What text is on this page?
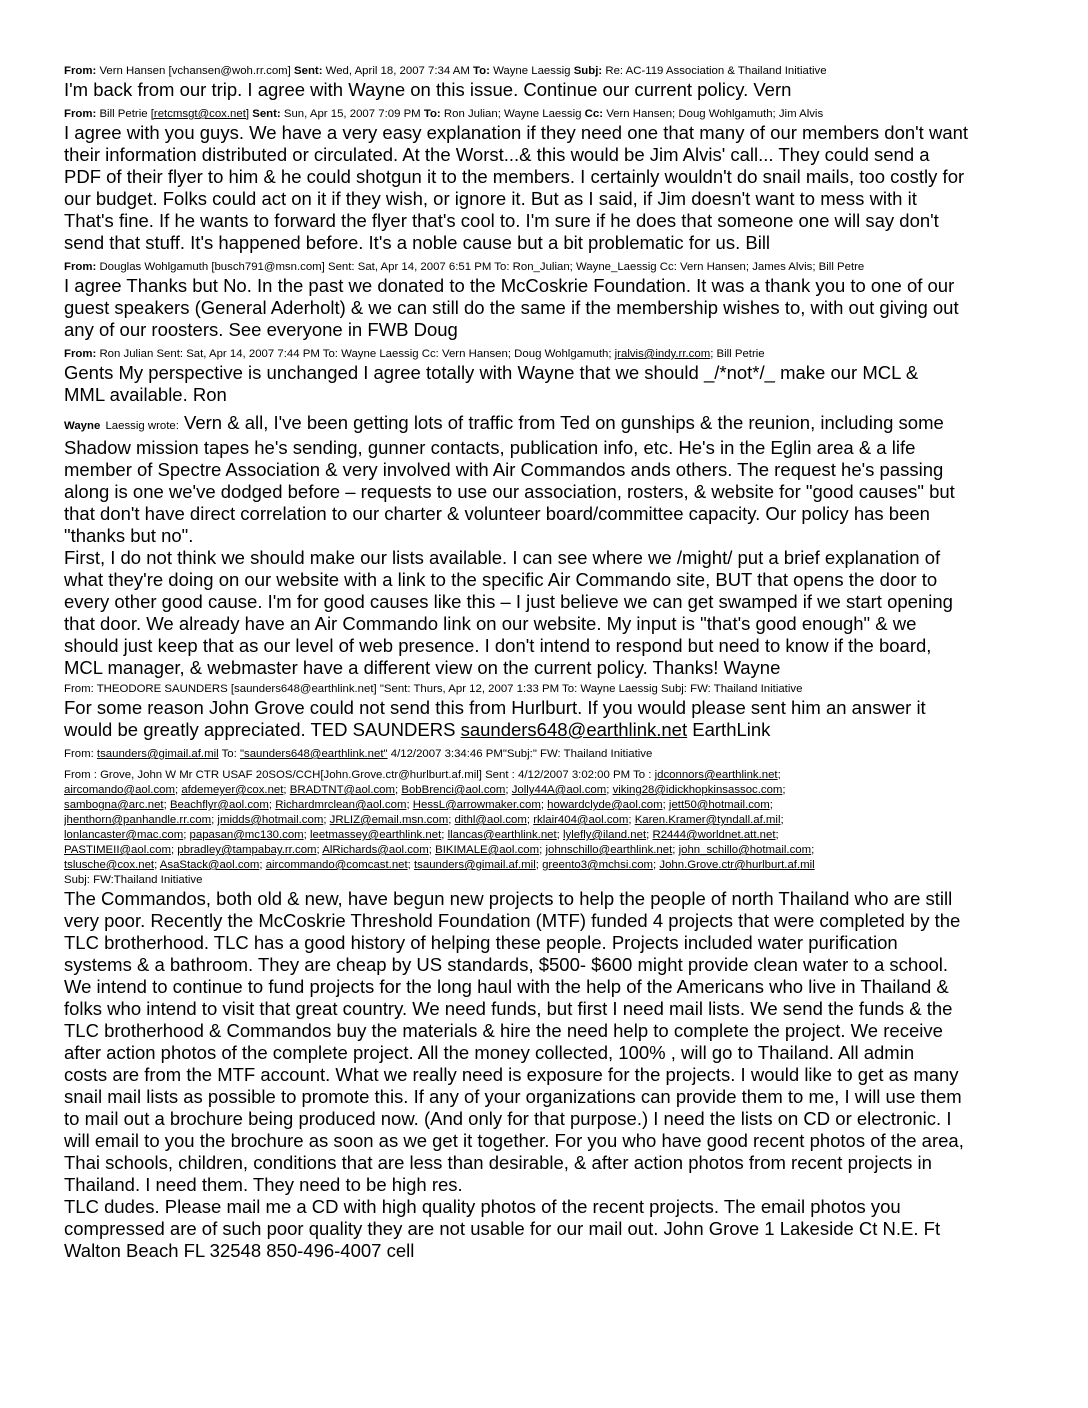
From: Vern Hansen [vchansen@woh.rr.com] Sent: Wed, April 18, 2007 7:34 AM To: Wayne Laessig Subj: Re: AC-119 Association & Thailand Initiative

I'm back from our trip. I agree with Wayne on this issue. Continue our current policy. Vern

From: Bill Petrie [retcmsgt@cox.net] Sent: Sun, Apr 15, 2007 7:09 PM To: Ron Julian; Wayne Laessig Cc: Vern Hansen; Doug Wohlgamuth; Jim Alvis

I agree with you guys. We have a very easy explanation if they need one that many of our members don't want

their information distributed or circulated. At the Worst...& this would be Jim Alvis' call... They could send a

PDF of their flyer to him & he could shotgun it to the members. I certainly wouldn't do snail mails, too costly for

our budget. Folks could act on it if they wish, or ignore it. But as I said, if Jim doesn't want to mess with it

That's fine. If he wants to forward the flyer that's cool to. I'm sure if he does that someone one will say don't

send that stuff. It's happened before. It's a noble cause but a bit problematic for us. Bill

From: Douglas Wohlgamuth [busch791@msn.com] Sent: Sat, Apr 14, 2007 6:51 PM To: Ron_Julian; Wayne_Laessig Cc: Vern Hansen; James Alvis; Bill Petre

I agree Thanks but No. In the past we donated to the McCoskrie Foundation. It was a thank you to one of our

guest speakers (General Aderholt) & we can still do the same if the membership wishes to, with out giving out

any of our roosters. See everyone in FWB Doug

From: Ron Julian Sent: Sat, Apr 14, 2007 7:44 PM To: Wayne Laessig Cc: Vern Hansen; Doug Wohlgamuth; jralvis@indy.rr.com; Bill Petrie

Gents My perspective is unchanged I agree totally with Wayne that we should _/*not*/_ make our MCL &

MML available. Ron

Wayne Laessig wrote: Vern & all, I've been getting lots of traffic from Ted on gunships & the reunion, including some

Shadow mission tapes he's sending, gunner contacts, publication info, etc. He's in the Eglin area & a life

member of Spectre Association & very involved with Air Commandos ands others. The request he's passing

along is one we've dodged before – requests to use our association, rosters, & website for "good causes" but

that don't have direct correlation to our charter & volunteer board/committee capacity. Our policy has been

"thanks but no".

First, I do not think we should make our lists available. I can see where we /might/ put a brief explanation of

what they're doing on our website with a link to the specific Air Commando site, BUT that opens the door to

every other good cause. I'm for good causes like this – I just believe we can get swamped if we start opening

that door. We already have an Air Commando link on our website. My input is "that's good enough" & we

should just keep that as our level of web presence. I don't intend to respond but need to know if the board,

MCL manager, & webmaster have a different view on the current policy. Thanks! Wayne

From: THEODORE SAUNDERS [saunders648@earthlink.net] "Sent: Thurs, Apr 12, 2007 1:33 PM To: Wayne Laessig Subj: FW: Thailand Initiative

For some reason John Grove could not send this from Hurlburt. If you would please sent him an answer it

would be greatly appreciated. TED SAUNDERS saunders648@earthlink.net EarthLink

From: tsaunders@gimail.af.mil To: "saunders648@earthlink.net" 4/12/2007 3:34:46 PM"Subj:" FW: Thailand Initiative
From : Grove, John W Mr CTR USAF 20SOS/CCH[John.Grove.ctr@hurlburt.af.mil] Sent : 4/12/2007 3:02:00 PM To : jdconnors@earthlink.net;
aircomando@aol.com; afdemeyer@cox.net; BRADTNT@aol.com; BobBrenci@aol.com; Jolly44A@aol.com; viking28@idickhopkinsassoc.com;
sambogna@arc.net; Beachflyr@aol.com; Richardmrclean@aol.com; HessL@arrowmaker.com; howardclyde@aol.com; jett50@hotmail.com;
jhenthorn@panhandle.rr.com; jmidds@hotmail.com; JRLIZ@email.msn.com; dithl@aol.com; rklair404@aol.com; Karen.Kramer@tyndall.af.mil;
lonlancaster@mac.com; papasan@mc130.com; leetmassey@earthlink.net; llancas@earthlink.net; lylefly@iland.net; R2444@worldnet.att.net;
PASTIMEII@aol.com; pbradley@tampabay.rr.com; AlRichards@aol.com; BIKIMALE@aol.com; johnschillo@earthlink.net; john_schillo@hotmail.com;
tslusche@cox.net; AsaStack@aol.com; aircommando@comcast.net; tsaunders@gimail.af.mil; greento3@mchsi.com; John.Grove.ctr@hurlburt.af.mil
Subj: FW:Thailand Initiative

The Commandos, both old & new, have begun new projects to help the people of north Thailand who are still

very poor. Recently the McCoskrie Threshold Foundation (MTF) funded 4 projects that were completed by the

TLC brotherhood. TLC has a good history of helping these people. Projects included water purification

systems & a bathroom. They are cheap by US standards, $500- $600 might provide clean water to a school.

We intend to continue to fund projects for the long haul with the help of the Americans who live in Thailand &

folks who intend to visit that great country. We need funds, but first I need mail lists. We send the funds & the

TLC brotherhood & Commandos buy the materials & hire the need help to complete the project. We receive

after action photos of the complete project. All the money collected, 100% , will go to Thailand. All admin

costs are from the MTF account. What we really need is exposure for the projects. I would like to get as many

snail mail lists as possible to promote this. If any of your organizations can provide them to me, I will use them

to mail out a brochure being produced now. (And only for that purpose.) I need the lists on CD or electronic. I

will email to you the brochure as soon as we get it together. For you who have good recent photos of the area,

Thai schools, children, conditions that are less than desirable, & after action photos from recent projects in

Thailand. I need them. They need to be high res.

TLC dudes. Please mail me a CD with high quality photos of the recent projects. The email photos you

compressed are of such poor quality they are not usable for our mail out. John Grove 1 Lakeside Ct N.E. Ft

Walton Beach FL 32548 850-496-4007 cell
